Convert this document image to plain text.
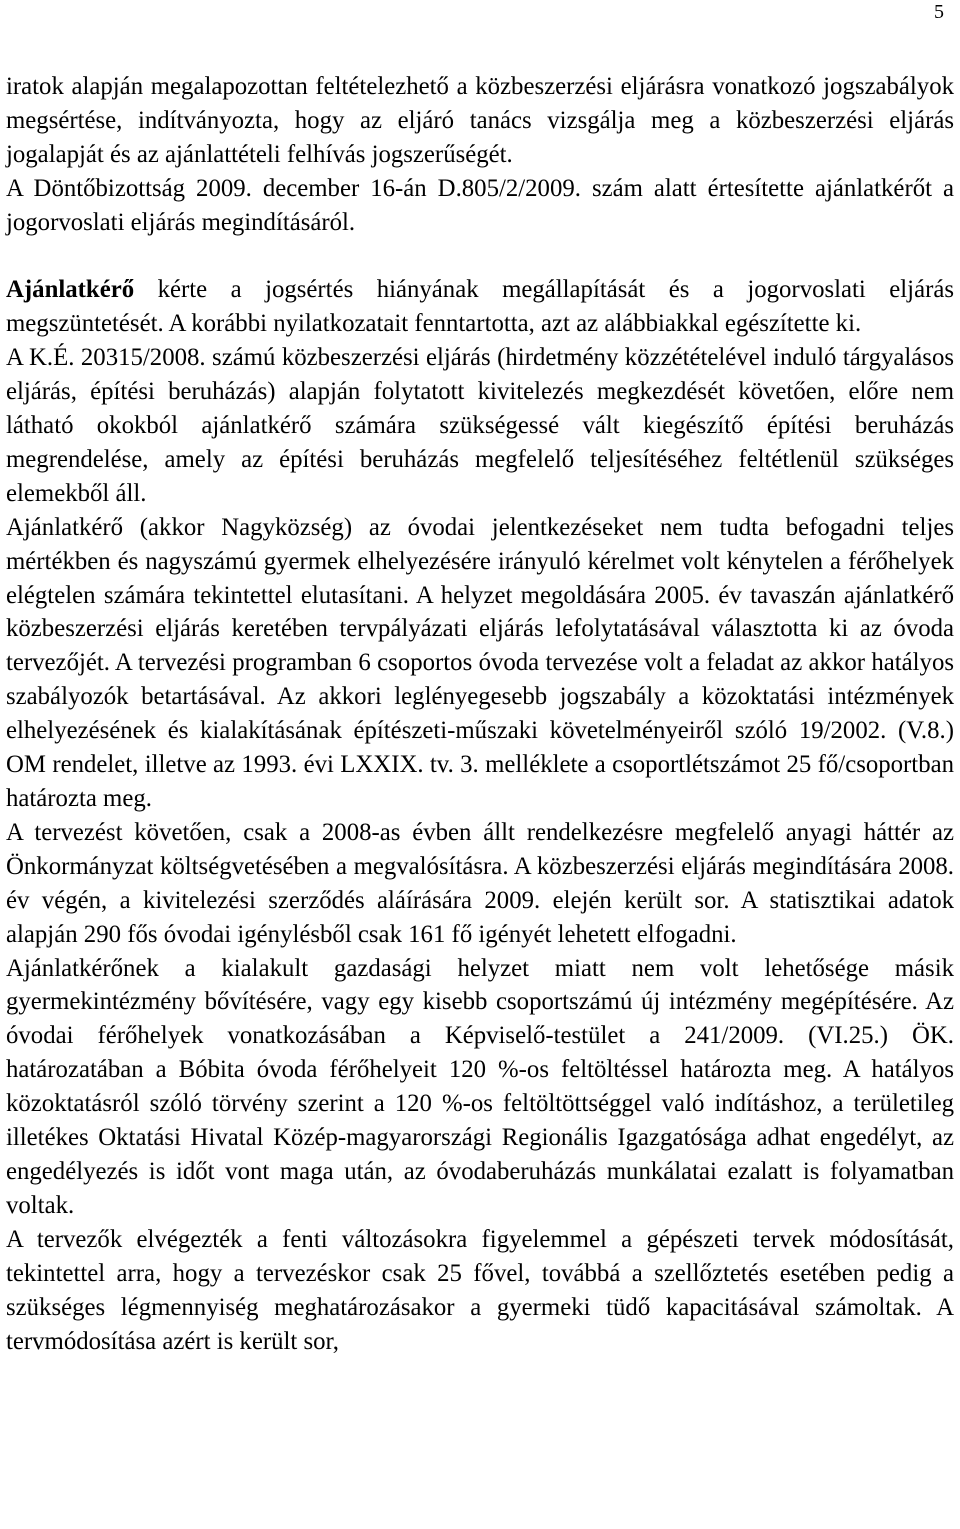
5

iratok alapján megalapozottan feltételezhető a közbeszerzési eljárásra vonatkozó jogszabályok megsértése, indítványozta, hogy az eljáró tanács vizsgálja meg a közbeszerzési eljárás jogalapját és az ajánlattételi felhívás jogszerűségét.

A Döntőbizottság 2009. december 16-án D.805/2/2009. szám alatt értesítette ajánlatkérőt a jogorvoslati eljárás megindításáról.

Ajánlatkérő kérte a jogsértés hiányának megállapítását és a jogorvoslati eljárás megszüntetését. A korábbi nyilatkozatait fenntartotta, azt az alábbiakkal egészítette ki.

A K.É. 20315/2008. számú közbeszerzési eljárás (hirdetmény közzétételével induló tárgyalásos eljárás, építési beruházás) alapján folytatott kivitelezés megkezdését követően, előre nem látható okokból ajánlatkérő számára szükségessé vált kiegészítő építési beruházás megrendelése, amely az építési beruházás megfelelő teljesítéséhez feltétlenül szükséges elemekből áll.

Ajánlatkérő (akkor Nagyközség) az óvodai jelentkezéseket nem tudta befogadni teljes mértékben és nagyszámú gyermek elhelyezésére irányuló kérelmet volt kénytelen a férőhelyek elégtelen számára tekintettel elutasítani. A helyzet megoldására 2005. év tavaszán ajánlatkérő közbeszerzési eljárás keretében tervpályázati eljárás lefolytatásával választotta ki az óvoda tervezőjét. A tervezési programban 6 csoportos óvoda tervezése volt a feladat az akkor hatályos szabályozók betartásával. Az akkori leglényegesebb jogszabály a közoktatási intézmények elhelyezésének és kialakításának építészeti-műszaki követelményeiről szóló 19/2002. (V.8.) OM rendelet, illetve az 1993. évi LXXIX. tv. 3. melléklete a csoportlétszámot 25 fő/csoportban határozta meg.

A tervezést követően, csak a 2008-as évben állt rendelkezésre megfelelő anyagi háttér az Önkormányzat költségvetésében a megvalósításra. A közbeszerzési eljárás megindítására 2008. év végén, a kivitelezési szerződés aláírására 2009. elején került sor. A statisztikai adatok alapján 290 fős óvodai igénylésből csak 161 fő igényét lehetett elfogadni.

Ajánlatkérőnek a kialakult gazdasági helyzet miatt nem volt lehetősége másik gyermekintézmény bővítésére, vagy egy kisebb csoportszámú új intézmény megépítésére. Az óvodai férőhelyek vonatkozásában a Képviselő-testület a 241/2009. (VI.25.) ÖK. határozatában a Bóbita óvoda férőhelyeit 120 %-os feltöltéssel határozta meg. A hatályos közoktatásról szóló törvény szerint a 120 %-os feltöltöttséggel való indításhoz, a területileg illetékes Oktatási Hivatal Közép-magyarországi Regionális Igazgatósága adhat engedélyt, az engedélyezés is időt vont maga után, az óvodaberuházás munkálatai ezalatt is folyamatban voltak.

A tervezők elvégezték a fenti változásokra figyelemmel a gépészeti tervek módosítását, tekintettel arra, hogy a tervezéskor csak 25 fővel, továbbá a szellőztetés esetében pedig a szükséges légmennyiség meghatározásakor a gyermeki tüdő kapacitásával számoltak. A tervmódosítása azért is került sor,
